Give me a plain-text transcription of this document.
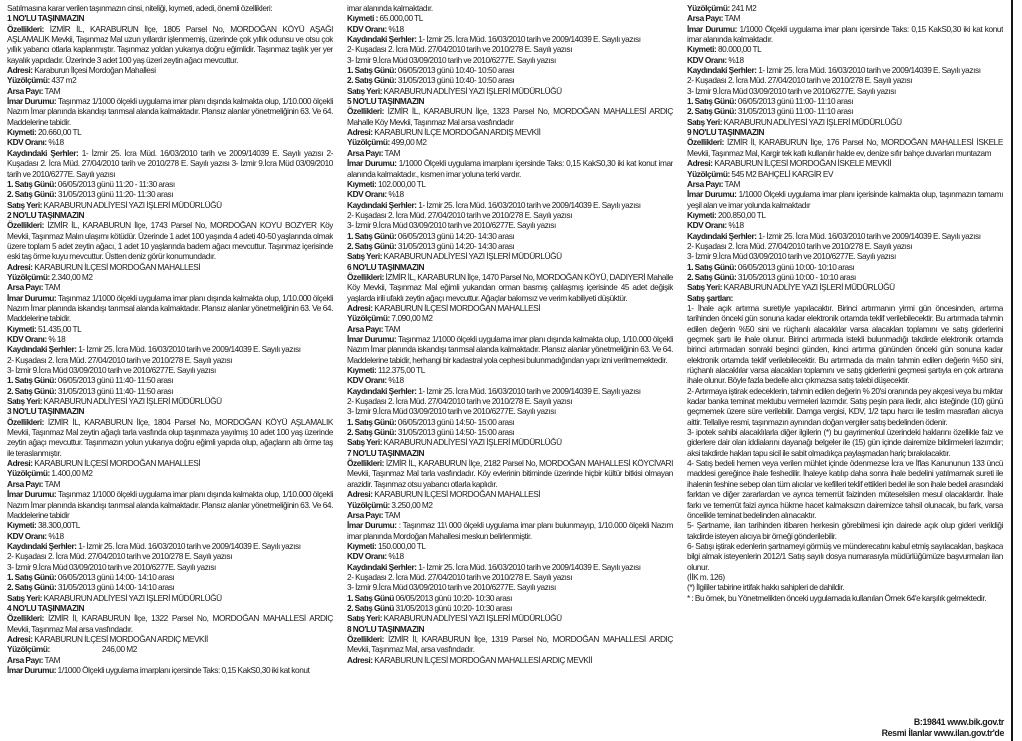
Satılmasına karar verilen taşınmazın cinsi, niteliği, kıymeti, adedi, önemli özellikleri:
1 NO'LU TAŞINMAZIN
Özellikleri: İZMİR İL, KARABURUN İlçe, 1805 Parsel No, MORDOĞAN KÖYÜ AŞAĞI AŞLAMALIK Mevkii, Taşınmaz Mal uzun yıllardır işlenmemiş, üzerinde çok yıllık odunsu ve otsu çok yıllık yabancı otlarla kaplanmıştır. Taşınmaz yoldan yukarıya doğru eğimlidir. Taşınmaz taşlık yer yer kayalık yapıdadır. Üzerinde 3 adet 100 yaş üzeri zeytin ağacı mevcuttur.
Adresi: Karaburun İlçesi Mordoğan Mahallesi
Yüzölçümü: 437 m2
Arsa Payı: TAM
İmar Durumu: Taşınmaz 1/1000 ölçekli uygulama imar planı dışında kalmakta olup, 1/10.000 ölçekli Nazım İmar planında iskandışı tarımsal alanda kalmaktadır. Plansız alanlar yönetmeliğinin 63. Ve 64. Maddelerine tabidir.
Kıymeti: 20.660,00 TL
KDV Oranı: %18
Kaydındaki Şerhler: 1- İzmir 25. İcra Müd. 16/03/2010 tarih ve 2009/14039 E. Sayılı yazısı 2- Kuşadası 2. İcra Müd. 27/04/2010 tarih ve 2010/278 E. Sayılı yazısı 3- İzmir 9.İcra Müd 03/09/2010 tarih ve 2010/6277E. Sayılı yazısı
1. Satış Günü: 06/05/2013 günü 11:20 - 11:30 arası
2. Satış Günü: 31/05/2013 günü 11:20- 11:30 arası
Satış Yeri: KARABURUN ADLİYESİ YAZI İŞLERİ MÜDÜRLÜĞÜ
2 NO'LU TAŞINMAZIN
Özellikleri: İZMİR İL, KARABURUN İlçe, 1743 Parsel No, MORDOĞAN KOYU BOZYER Köy Mevkii, Taşınmaz Malın ulaşımı kötüdür. Üzerinde 1 adet 100 yaşında 4 adeti 40-50 yaşlarında olmak üzere toplam 5 adet zeytin ağacı, 1 adet 10 yaşlarında badem ağacı mevcuttur. Taşınmaz içerisinde eski taş örme kuyu mevcuttur. Üstten deniz görür konumundadır.
Adresi: KARABURUN İLÇESİ MORDOĞAN MAHALLESİ
Yüzölçümü: 2.340,00 M2
Arsa Payı: TAM
İmar Durumu: Taşınmaz 1/1000 ölçekli uygulama imar planı dışında kalmakta olup, 1/10.000 ölçekli Nazım İmar planında iskandışı tarımsal alanda kalmaktadır. Plansız alanlar yönetmeliğinin 63. Ve 64. Maddelerine tabidir.
Kıymeti: 51.435,00 TL
KDV Oranı: % 18
Kaydındaki Şerhler: 1- İzmir 25. İcra Müd. 16/03/2010 tarih ve 2009/14039 E. Sayılı yazısı
2- Kuşadası 2. İcra Müd. 27/04/2010 tarih ve 2010/278 E. Sayılı yazısı
3- İzmir 9.İcra Müd 03/09/2010 tarih ve 2010/6277E. Sayılı yazısı
1. Satış Günü: 06/05/2013 günü 11:40- 11:50 arası
2. Satış Günü: 31/05/2013 günü 11:40- 11:50 arası
Satış Yeri: KARABURUN ADLİYESİ YAZI İŞLERİ MÜDÜRLÜĞÜ
3 NO'LU TAŞINMAZIN
Özellikleri: İZMİR İL, KARABURUN İlçe, 1804 Parsel No, MORDOĞAN KÖYÜ AŞLAMALIK Mevkii, Taşınmaz Mal zeytin ağaçlı tarla vasfında olup taşınmaza yayılmış 10 adet 100 yaş üzerinde zeytin ağaçı mevcuttur. Taşınmazın yolun yukarıya doğru eğimli yapıda olup, ağaçların altı örme taş ile teraslanmıştır.
Adresi: KARABURUN İLÇESİ MORDOĞAN MAHALLESİ
Yüzölçümü: 1.400,00 M2
Arsa Payı: TAM
İmar Durumu: Taşınmaz 1/1000 ölçekli uygulama imar planı dışında kalmakta olup, 1/10.000 ölçekli Nazım İmar planında iskandışı tarımsal alanda kalmaktadır. Plansız alanlar yönetmeliğinin 63. Ve 64. Maddelerine tabidir
Kıymeti: 38.300,00TL
KDV Oranı: %18
Kaydındaki Şerhler: 1- İzmir 25. İcra Müd. 16/03/2010 tarih ve 2009/14039 E. Sayılı yazısı
2- Kuşadası 2. İcra Müd. 27/04/2010 tarih ve 2010/278 E. Sayılı yazısı
3- İzmir 9.İcra Müd 03/09/2010 tarih ve 2010/6277E. Sayılı yazısı
1. Satış Günü: 06/05/2013 günü 14:00- 14:10 arası
2. Satış Günü: 31/05/2013 günü 14:00- 14:10 arası
Satış Yeri: KARABURUN ADLİYESİ YAZI İŞLERİ MÜDÜRLÜĞÜ
4 NO'LU TAŞINMAZIN
Özellikleri: İZMİR İl, KARABURUN İlçe, 1322 Parsel No, MORDOĞAN MAHALLESİ ARDIÇ Mevkii, Taşınmaz Mal arsa vasfındadır.
Adresi: KARABURUN İLÇESİ MORDOĞAN ARDIÇ MEVKİİ
Yüzölçümü:	246,00 M2
Arsa Payı: TAM
İmar Durumu: 1/1000 Ölçekli uygulama imarplanı içersinde Taks: 0,15 KakS0,30 iki kat konut
imar alanında kalmaktadır.
Kıymeti : 65.000,00 TL
KDV Oranı: %18
Kaydındaki Şerhler: 1- İzmir 25. İcra Müd. 16/03/2010 tarih ve 2009/14039 E. Sayılı yazısı
2- Kuşadası 2. İcra Müd. 27/04/2010 tarih ve 2010/278 E. Sayılı yazısı
3- İzmir 9.İcra Müd 03/09/2010 tarih ve 2010/6277E. Sayılı yazısı
1. Satış Günü: 06/05/2013 günü 10:40- 10:50 arası
2. Satış Günü: 31/05/2013 günü 10:40- 10:50 arası
Satış Yeri: KARABURUN ADLİYESİ YAZI İŞLERİ MÜDÜRLÜĞÜ
5 NO'LU TAŞINMAZIN
Özellikleri: İZMİR İL, KARABURUN İlçe, 1323 Parsel No, MORDOĞAN MAHALLESİ ARDIÇ Mahalle Köy Mevkii, Taşınmaz Mal arsa vasfındadır
Adresi: KARABURUN İLÇE MORDOĞAN ARDIŞ MEVKİİ
Yüzölçümü: 499,00 M2
Arsa Payı: TAM
İmar Durumu: 1/1000 Ölçekli uygulama imarplanı içersinde Taks: 0,15 KakS0,30 iki kat konut imar alanında kalmaktadır., kısmen imar yoluna terki vardır.
Kıymeti: 102.000,00 TL
KDV Oranı: %18
Kaydındaki Şerhler: 1- İzmir 25. İcra Müd. 16/03/2010 tarih ve 2009/14039 E. Sayılı yazısı
2- Kuşadası 2. İcra Müd. 27/04/2010 tarih ve 2010/278 E. Sayılı yazısı
3- İzmir 9.İcra Müd 03/09/2010 tarih ve 2010/6277E. Sayılı yazısı
1. Satış Günü: 06/05/2013 günü 14:20- 14:30 arası
2. Satış Günü: 31/05/2013 günü 14:20- 14:30 arası
Satış Yeri: KARABURUN ADLİYESİ YAZI İŞLERİ MÜDÜRLÜĞÜ
6 NO'LU TAŞINMAZIN
Özellikleri: İZMİR İL, KARABURUN İlçe, 1470 Parsel No, MORDOĞAN KÖYÜ, DADIYERİ Mahalle Köy Mevkii, Taşınmaz Mal eğimli yukarıdan orman basmış çalılaşmış içerisinde 45 adet değişik yaşlarda irili ufaklı zeytin ağaçı mevcuttur. Ağaçlar bakımsız ve verim kabiliyeti düşüktür.
Adresi: KARABURUN İLÇESİ MORDOĞAN MAHALLESİ
Yüzölçümü: 7.090,00 M2
Arsa Payı: TAM
İmar Durumu: Taşınmaz 1/1000 ölçekli uygulama imar planı dışında kalmakta olup, 1/10.000 ölçekli Nazım İmar planında iskandışı tarımsal alanda kalmaktadır. Plansız alanlar yönetmeliğinin 63. Ve 64. Maddelerine tabidir, herhangi bir kadastral yola cephesi bulunmadığından yapı izni verilmemektedir.
Kıymeti: 112.375,00 TL
KDV Oranı: %18
Kaydındaki Şerhler: 1- İzmir 25. İcra Müd. 16/03/2010 tarih ve 2009/14039 E. Sayılı yazısı
2- Kuşadası 2. İcra Müd. 27/04/2010 tarih ve 2010/278 E. Sayılı yazısı
3- İzmir 9.İcra Müd 03/09/2010 tarih ve 2010/6277E. Sayılı yazısı
1. Satış Günü: 06/05/2013 günü 14:50- 15:00 arası
2. Satış Günü: 31/05/2013 günü 14:50- 15:00 arası
Satış Yeri: KARABURUN ADLİYESİ YAZI İŞLERİ MÜDÜRLÜĞÜ
7 NO'LU TAŞINMAZIN
Özellikleri: İZMİR İL, KARABURUN İlçe, 2182 Parsel No, MORDOĞAN MAHALLESİ KÖYCİVARI Mevkii, Taşınmaz Mal tarla vasfındadır. Köy evlerinin bitiminde üzerinde hiçbir kültür bitkisi olmayan arazidir. Taşınmaz otsu yabancı otlarla kaplıdır.
Adresi: KARABURUN İLÇESİ MORDOĞAN MAHALLESİ
Yüzölçümü: 3.250,00 M2
Arsa Payı: TAM
İmar Durumu: : Taşınmaz 11\ 000 ölçekli uygulama imar planı bulunmayıp, 1/10.000 ölçekli Nazım imar planında Mordoğan Mahallesi meskun belirlenmiştir.
Kıymeti: 150.000,00 TL
KDV Oranı: %18
Kaydındaki Şerhler: 1- İzmir 25. İcra Müd. 16/03/2010 tarih ve 2009/14039 E. Sayılı yazısı
2- Kuşadası 2. İcra Müd. 27/04/2010 tarih ve 2010/278 E. Sayılı yazısı
3- İzmir 9.İcra Müd 03/09/2010 tarih ve 2010/6277E. Sayılı yazısı
1. Satış Günü 06/05/2013 günü 10:20- 10:30 arası
2. Satış Günü 31/05/2013 günü 10:20- 10:30 arası
Satış Yeri: KARABURUN ADLİYESİ YAZI İŞLERİ MÜDÜRLÜĞÜ
8 NO'LU TAŞINMAZIN
Özellikleri: İZMİR İl, KARABURUN İlçe, 1319 Parsel No, MORDOĞAN MAHALLESİ ARDIÇ Mevkii, Taşınmaz Mal, arsa vasfındadır.
Adresi: KARABURUN İLÇESİ MORDOĞAN MAHALLESİ ARDIÇ MEVKİİ
Yüzölçümü: 241 M2
Arsa Payı: TAM
İmar Durumu: 1/1000 Ölçekli uygulama imar planı içersinde Taks: 0,15 KakS0,30 iki kat konut imar alanında kalmaktadır.
Kıymeti: 80.000,00 TL
KDV Oranı: %18
Kaydındaki Şerhler: 1- İzmir 25. İcra Müd. 16/03/2010 tarih ve 2009/14039 E. Sayılı yazısı
2- Kuşadası 2. İcra Müd. 27/04/2010 tarih ve 2010/278 E. Sayılı yazısı
3- İzmir 9.İcra Müd 03/09/2010 tarih ve 2010/6277E. Sayılı yazısı
1. Satış Günü: 06/05/2013 günü 11:00- 11:10 arası
2. Satış Günü: 31/05/2013 günü 11:00- 11:10 arası
Satış Yeri: KARABURUN ADLİYESİ YAZI İŞLERİ MÜDÜRLÜĞÜ
9 NO'LU TAŞINMAZIN
Özellikleri: İZMİR İl, KARABURUN İlçe, 176 Parsel No, MORDOĞAN MAHALLESİ İSKELE Mevkii, Taşınmaz Mal, Kargir tek katlı kullanılır halde ev, denize sıfır bahçe duvarları muntazam
Adresi: KARABURUN İLÇESİ MORDOĞAN İSKELE MEVKİİ
Yüzölçümü: 545 M2 BAHÇELİ KARGİR EV
Arsa Payı: TAM
İmar Durumu: 1/1000 Ölçekli uygulama imar planı içerisinde kalmakta olup, taşınmazın tamamı yeşil alan ve imar yolunda kalmaktadır
Kıymeti: 200.850,00 TL
KDV Oranı: %18
Kaydındaki Şerhler: 1- İzmir 25. İcra Müd. 16/03/2010 tarih ve 2009/14039 E. Sayılı yazısı
2- Kuşadası 2. İcra Müd. 27/04/2010 tarih ve 2010/278 E. Sayılı yazısı
3- İzmir 9.İcra Müd 03/09/2010 tarih ve 2010/6277E. Sayılı yazısı
1. Satış Günü: 06/05/2013 günü 10:00- 10:10 arası
2. Satış Günü: 31/05/2013 günü 10:00 - 10:10 arası
Satış Yeri: KARABURUN ADLİYE YAZI İŞLERİ MÜDÜRLÜĞÜ
Satış şartları:
1- İhale açık artırma suretiyle yapılacaktır. Birinci artırmanın yirmi gün öncesinden, artırma tarihinden önceki gün sonuna kadar elektronik ortamda teklif verilebilecektir. Bu artırmada tahmin edilen değerin %50 sini ve rüçhanlı alacaklılar varsa alacakları toplamını ve satış giderlerini geçmek şartı ile ihale olunur. Birinci artırmada istekli bulunmadığı takdirde elektronik ortamda birinci artırmadan sonraki beşinci günden, ikinci artırma gününden önceki gün sonuna kadar elektronik ortamda teklif verilebilecektir. Bu artırmada da malın tahmin edilen değerin %50 sini, rüçhanlı alacaklılar varsa alacakları toplamını ve satış giderlerini geçmesi şartıyla en çok artırana ihale olunur. Böyle fazla bedelle alıcı çıkmazsa satış talebi düşecektir.
2- Artırmaya iştirak edeceklerin, tahmin edilen değerin % 20'si oranında pey akçesi veya bu miktar kadar banka teminat mektubu vermeleri lazımdır. Satış peşin para iledir, alıcı isteğinde (10) günü geçmemek üzere süre verilebilir. Damga vergisi, KDV, 1/2 tapu harcı ile teslim masrafları alıcıya aittir. Tellaliye resmi, taşınmazın aynından doğan vergiler satış bedelinden ödenir.
3- ipotek sahibi alacaklılarla diğer ilgilerin (*) bu gayrimenkul üzerindeki haklarını özellikle faiz ve giderlere dair olan iddialarını dayanağı belgeler ile (15) gün içinde dairemize bildirmeleri lazımdır; aksi takdirde hakları tapu sicil ile sabit olmadıkça paylaşmadan hariç bırakılacaktır.
4- Satış bedeli hemen veya verilen mühlet içinde ödenmezse İcra ve İflas Kanununun 133 üncü maddesi gereğince ihale feshedilir. İhaleye katılıp daha sonra ihale bedelini yatılmamak sureti ile ihalenin feshine sebep olan tüm alıcılar ve kefilleri teklif ettikleri bedel ile son ihale bedeli arasındaki farktan ve diğer zararlardan ve ayrıca temerrüt faizinden müteselsilen mesul olacaklardır. İhale farkı ve temerrüt faizi ayrıca hükme hacet kalmaksızın dairemizce tahsil olunacak, bu fark, varsa öncelikle teminat bedelinden alınacaktır.
5- Şartname, ilan tarihinden itibaren herkesin görebilmesi için dairede açık olup gideri verildiği takdirde isteyen alıcıya bir örneği gönderilebilir.
6- Satışı iştirak edenlerin şartnameyi görmüş ve münderecatını kabul etmiş sayılacakları, başkaca bilgi almak isteyenlerin 2012/1 Satış sayılı dosya numarasıyla müdürlüğümüze başvurmaları ilan olunur.
(İİK m. 126)
(*) İlgililer tabirine irtifak hakkı sahipleri de dahildir.
* : Bu örnek, bu Yönetmelikten önceki uygulamada kullanılan Örnek 64'e karşılık gelmektedir.
B:19841 www.bik.gov.tr
Resmi İlanlar www.ilan.gov.tr'de
